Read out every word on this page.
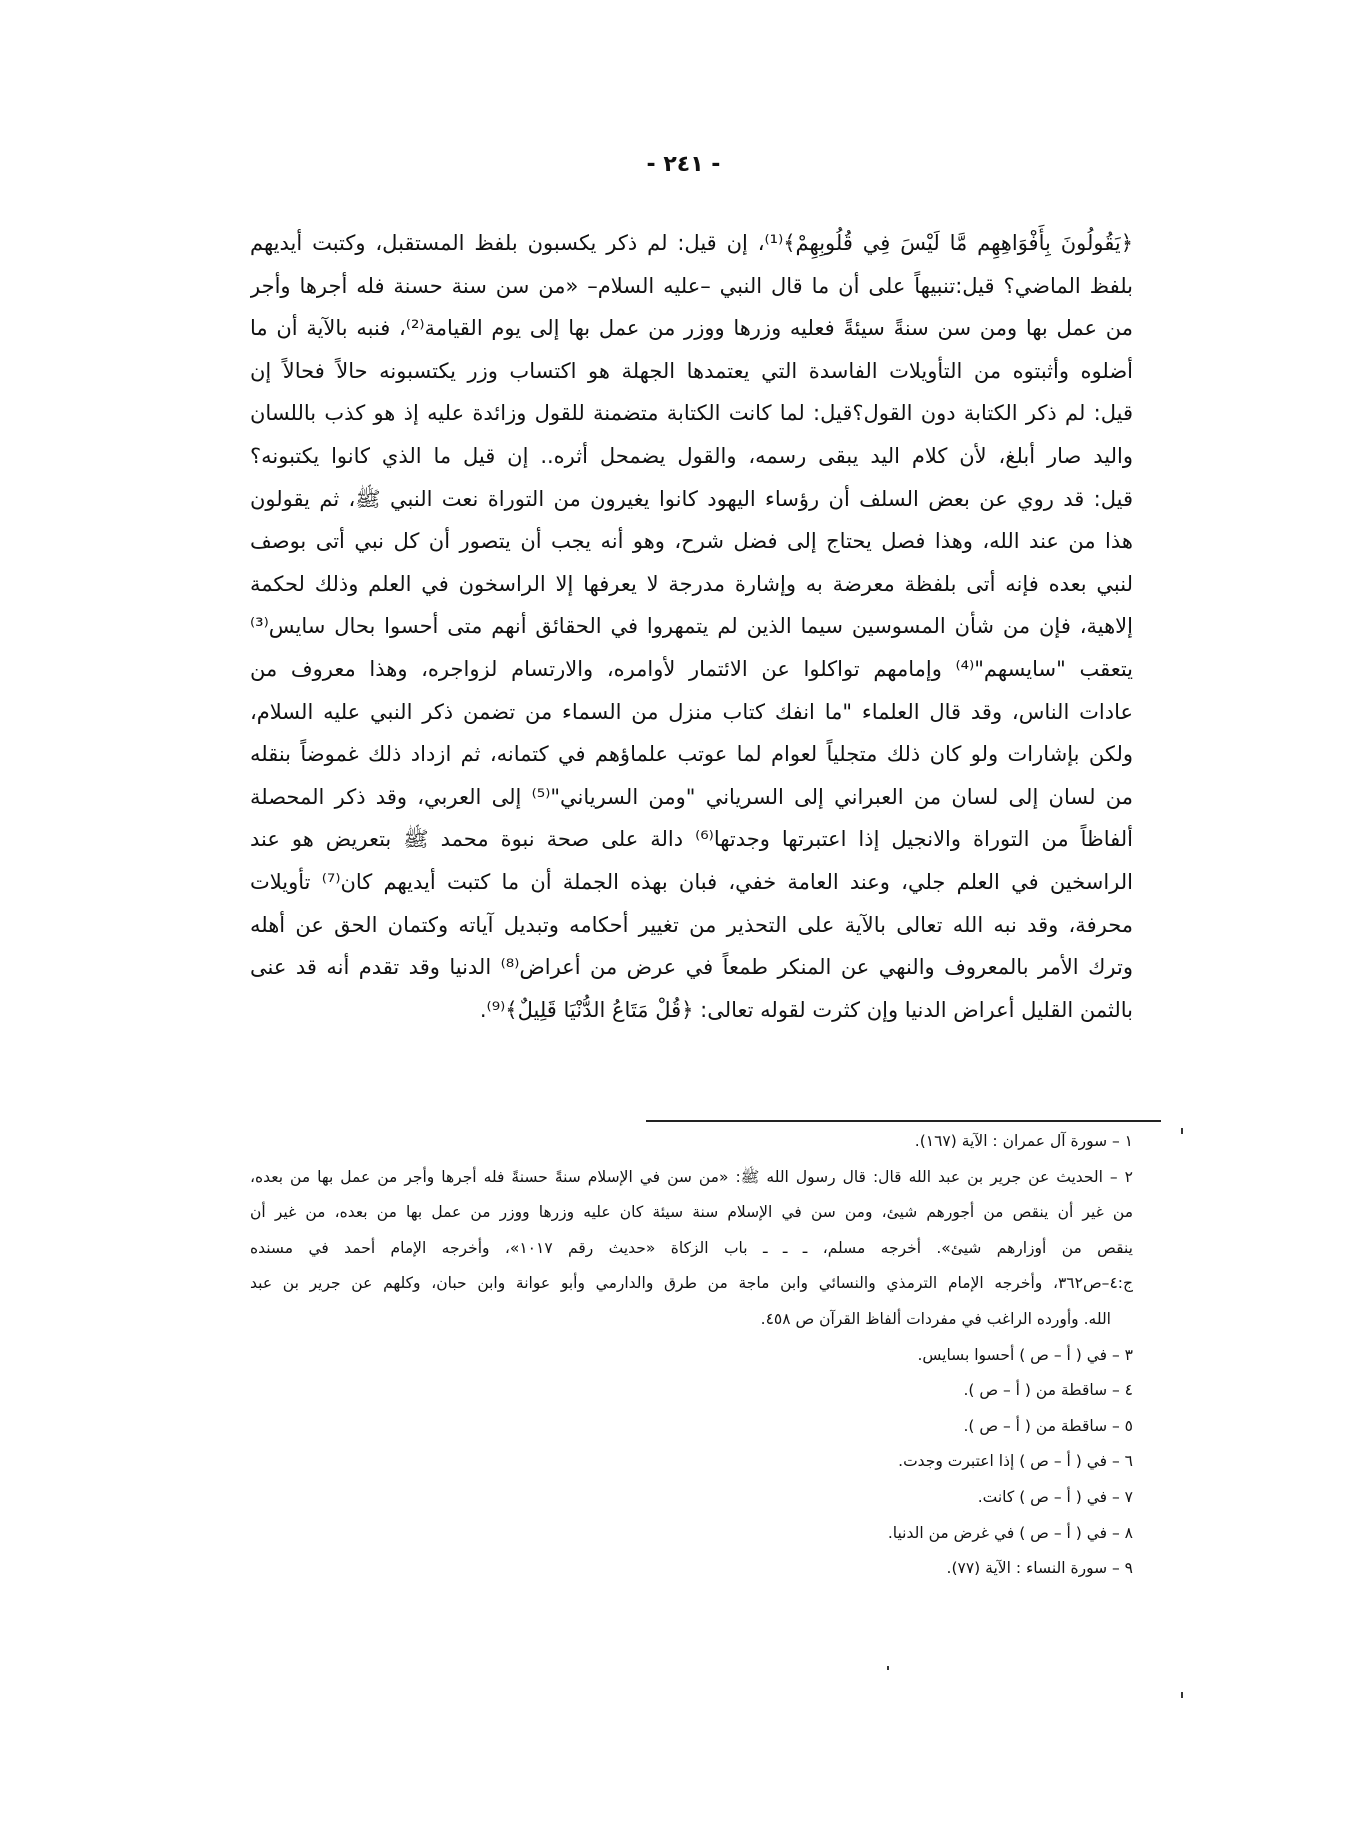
- ٢٤١ -
﴿يَقُولُونَ بِأَفْوَاهِهِم مَّا لَيْسَ فِي قُلُوبِهِمْ﴾⁽¹⁾، إن قيل: لم ذكر يكسبون بلفظ المستقبل، وكتبت أيديهم
بلفظ الماضي؟ قيل:تنبيهاً على أن ما قال النبي –عليه السلام– «من سن سنة حسنة فله أجرها وأجر
من عمل بها ومن سن سنةً سيئةً فعليه وزرها ووزر من عمل بها إلى يوم القيامة⁽²⁾، فنبه بالآية أن ما
أضلوه وأثبتوه من التأويلات الفاسدة التي يعتمدها الجهلة هو اكتساب وزر يكتسبونه حالاً فحالاً إن
قيل: لم ذكر الكتابة دون القول؟قيل: لما كانت الكتابة متضمنة للقول وزائدة عليه إذ هو كذب باللسان
واليد صار أبلغ، لأن كلام اليد يبقى رسمه، والقول يضمحل أثره.. إن قيل ما الذي كانوا يكتبونه؟
قيل: قد روي عن بعض السلف أن رؤساء اليهود كانوا يغيرون من التوراة نعت النبي ﷺ، ثم يقولون
هذا من عند الله، وهذا فصل يحتاج إلى فضل شرح، وهو أنه يجب أن يتصور أن كل نبي أتى بوصف
لنبي بعده فإنه أتى بلفظة معرضة به وإشارة مدرجة لا يعرفها إلا الراسخون في العلم وذلك لحكمة
إلاهية، فإن من شأن المسوسين سيما الذين لم يتمهروا في الحقائق أنهم متى أحسوا بحال سايس⁽³⁾
يتعقب "سايسهم"⁽⁴⁾ وإمامهم تواكلوا عن الائتمار لأوامره، والارتسام لزواجره، وهذا معروف من
عادات الناس، وقد قال العلماء "ما انفك كتاب منزل من السماء من تضمن ذكر النبي عليه السلام،
ولكن بإشارات ولو كان ذلك متجلياً لعوام لما عوتب علماؤهم في كتمانه، ثم ازداد ذلك غموضاً بنقله
من لسان إلى لسان من العبراني إلى السرياني "ومن السرياني"⁽⁵⁾ إلى العربي، وقد ذكر المحصلة
ألفاظاً من التوراة والانجيل إذا اعتبرتها وجدتها⁽⁶⁾ دالة على صحة نبوة محمد ﷺ بتعريض هو عند
الراسخين في العلم جلي، وعند العامة خفي، فبان بهذه الجملة أن ما كتبت أيديهم كان⁽⁷⁾ تأويلات
محرفة، وقد نبه الله تعالى بالآية على التحذير من تغيير أحكامه وتبديل آياته وكتمان الحق عن أهله
وترك الأمر بالمعروف والنهي عن المنكر طمعاً في عرض من أعراض⁽⁸⁾ الدنيا وقد تقدم أنه قد عنى
بالثمن القليل أعراض الدنيا وإن كثرت لقوله تعالى: ﴿قُلْ مَتَاعُ الدُّنْيَا قَلِيلٌ﴾⁽⁹⁾.
١ – سورة آل عمران : الآية (١٦٧).
٢ – الحديث عن جرير بن عبد الله قال: قال رسول الله ﷺ: «من سن في الإسلام سنةً حسنةً فله أجرها وأجر من عمل بها من بعده،
من غير أن ينقص من أجورهم شيئ، ومن سن في الإسلام سنة سيئة كان عليه وزرها ووزر من عمل بها من بعده، من غير أن
ينقص من أوزارهم شيئ». أخرجه مسلم، ـ ـ ـ باب الزكاة «حديث رقم ١٠١٧»، وأخرجه الإمام أحمد في مسنده
ج:٤–ص٣٦٢، وأخرجه الإمام الترمذي والنسائي وابن ماجة من طرق والدارمي وأبو عوانة وابن حبان، وكلهم عن جرير بن عبد
الله. وأورده الراغب في مفردات ألفاظ القرآن ص ٤٥٨.
٣ – في ( أ – ص ) أحسوا بسايس.
٤ – ساقطة من ( أ – ص ).
٥ – ساقطة من ( أ – ص ).
٦ – في ( أ – ص ) إذا اعتبرت وجدت.
٧ – في ( أ – ص ) كانت.
٨ – في ( أ – ص ) في غرض من الدنيا.
٩ – سورة النساء : الآية (٧٧).
